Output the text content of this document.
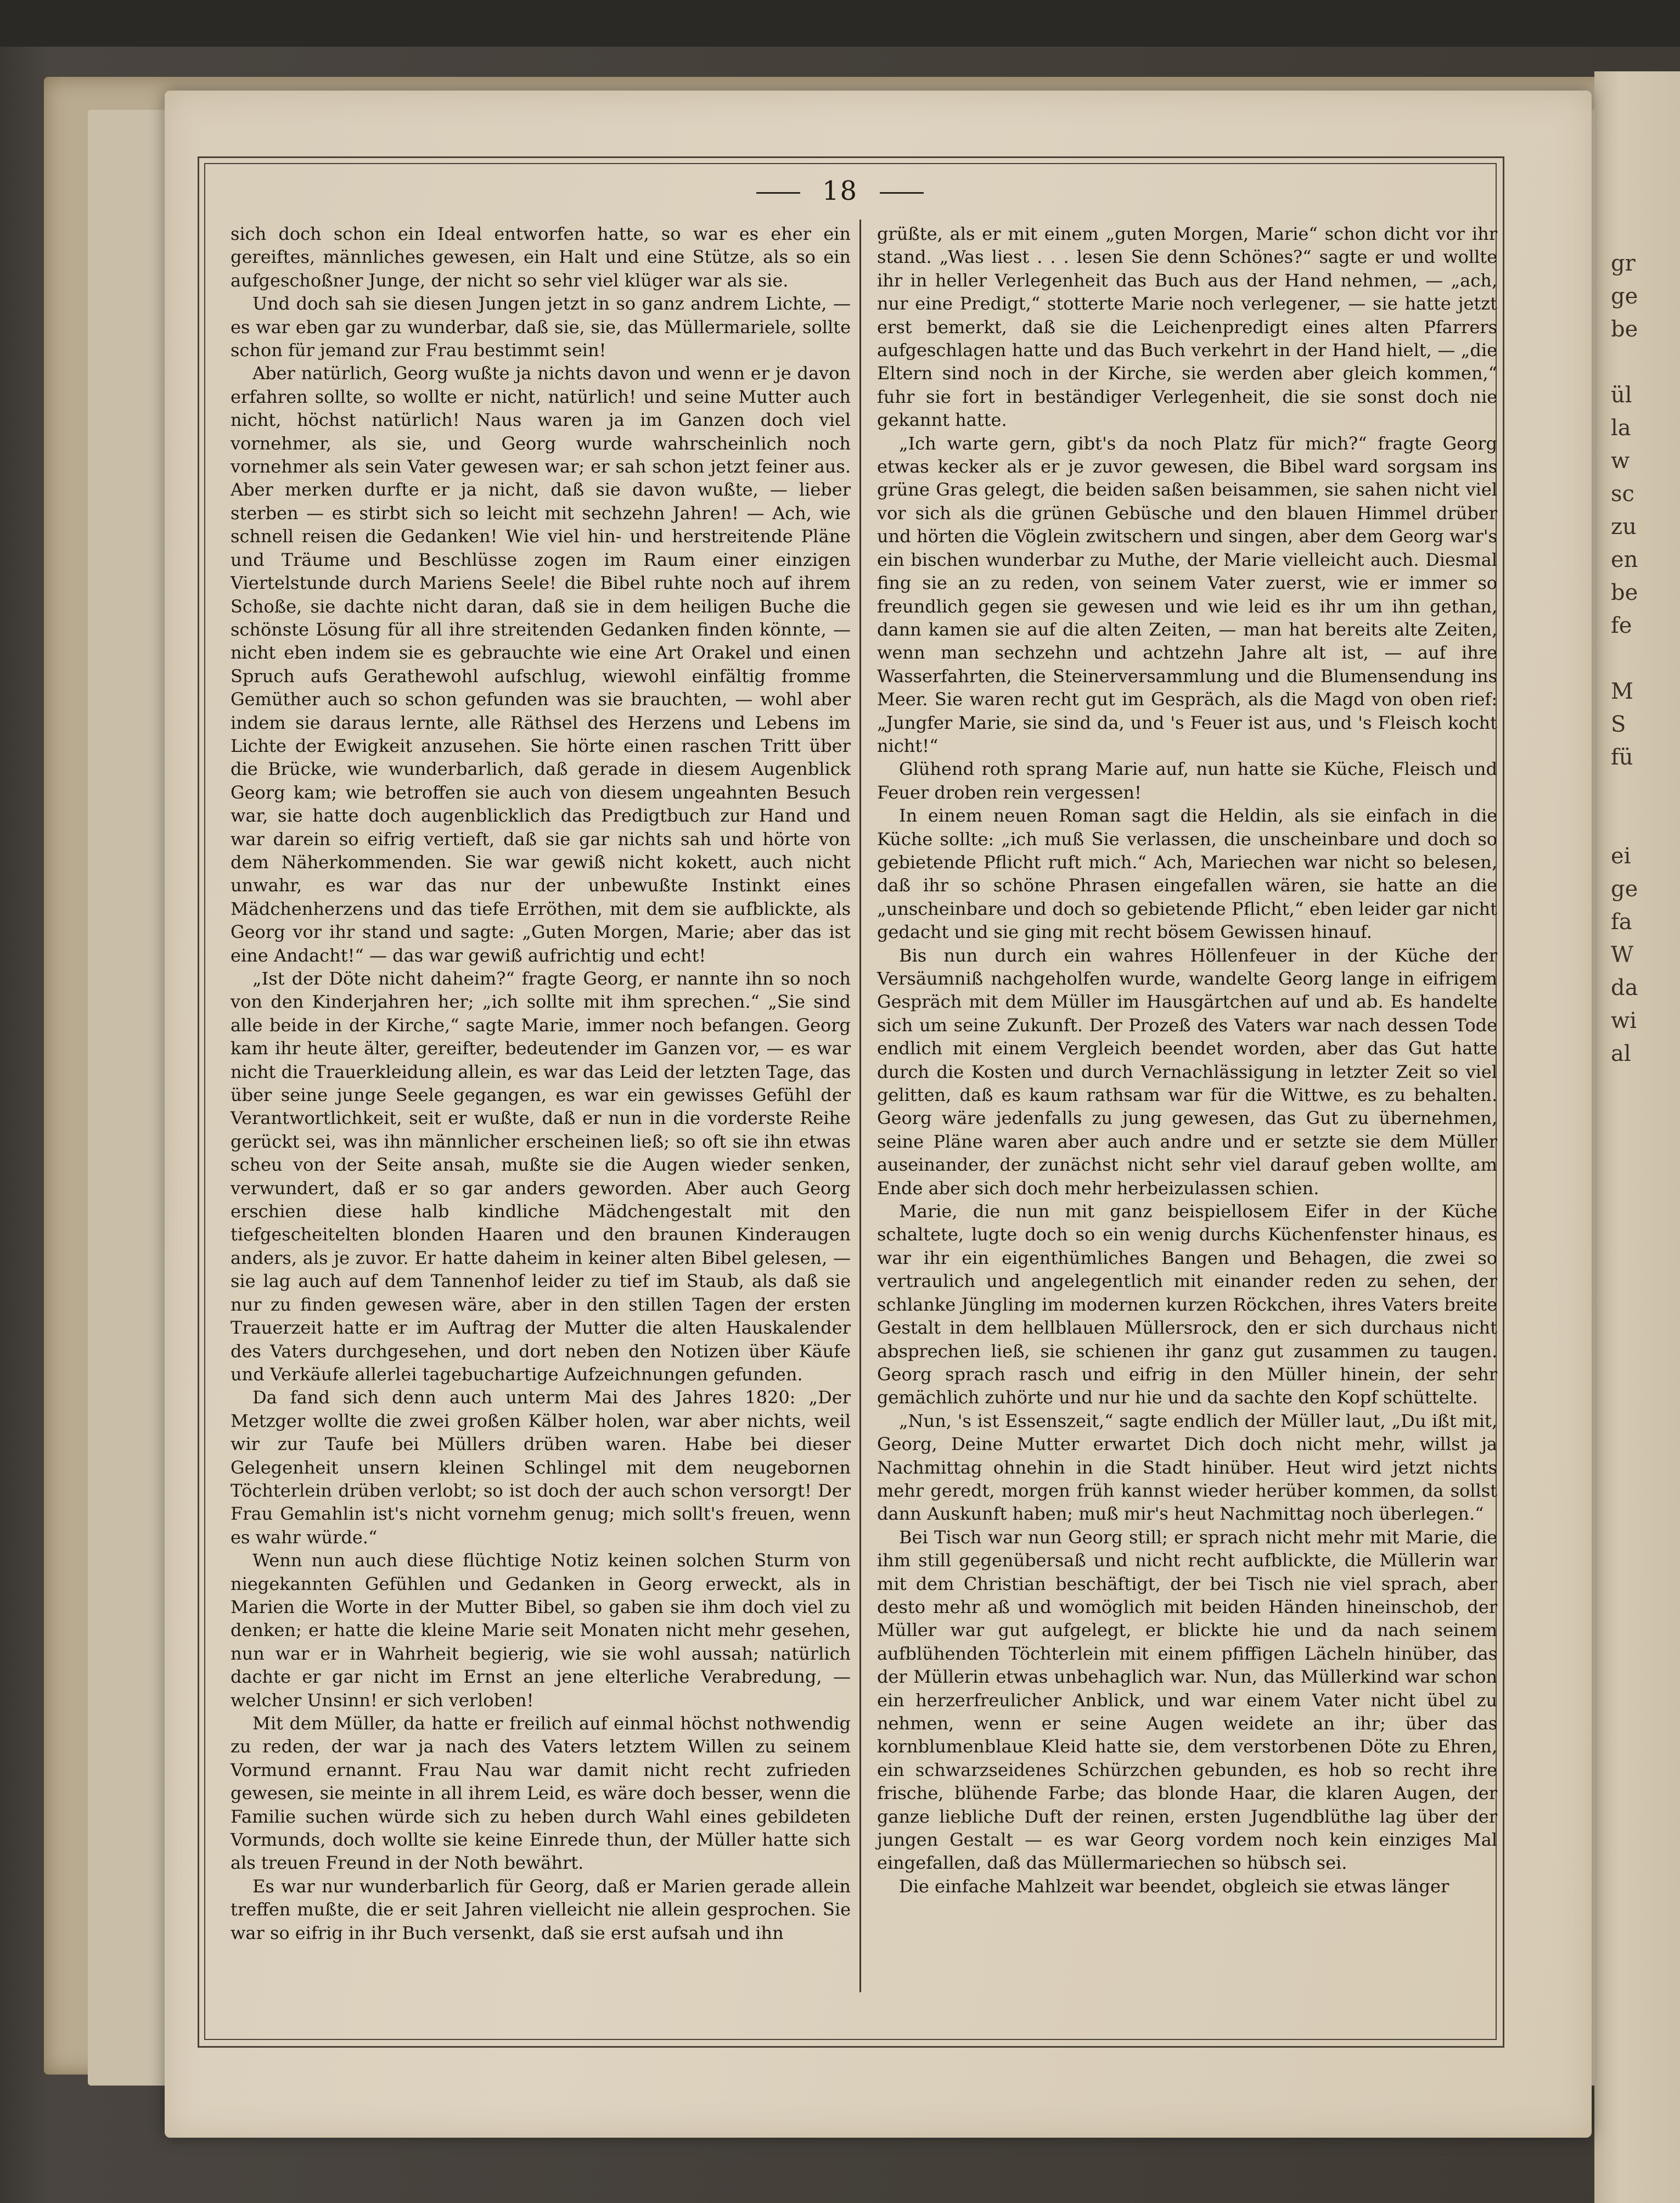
gr
ge
be

ül
la
w
sc
zu
en
be
fe

M
S
fü

ei
ge
fa
W
da
wi
al
18

sich doch schon ein Ideal entworfen hatte, so war es eher ein gereiftes, männliches gewesen, ein Halt und eine Stütze, als so ein aufgeschoßner Junge, der nicht so sehr viel klüger war als sie.

Und doch sah sie diesen Jungen jetzt in so ganz andrem Lichte, — es war eben gar zu wunderbar, daß sie, sie, das Müllermariele, sollte schon für jemand zur Frau bestimmt sein!

Aber natürlich, Georg wußte ja nichts davon und wenn er je davon erfahren sollte, so wollte er nicht, natürlich! und seine Mutter auch nicht, höchst natürlich! Naus waren ja im Ganzen doch viel vornehmer, als sie, und Georg wurde wahrscheinlich noch vornehmer als sein Vater gewesen war; er sah schon jetzt feiner aus. Aber merken durfte er ja nicht, daß sie davon wußte, — lieber sterben — es stirbt sich so leicht mit sechzehn Jahren! — Ach, wie schnell reisen die Gedanken! Wie viel hin- und herstreitende Pläne und Träume und Beschlüsse zogen im Raum einer einzigen Viertelstunde durch Mariens Seele! die Bibel ruhte noch auf ihrem Schoße, sie dachte nicht daran, daß sie in dem heiligen Buche die schönste Lösung für all ihre streitenden Gedanken finden könnte, — nicht eben indem sie es gebrauchte wie eine Art Orakel und einen Spruch aufs Gerathewohl aufschlug, wiewohl einfältig fromme Gemüther auch so schon gefunden was sie brauchten, — wohl aber indem sie daraus lernte, alle Räthsel des Herzens und Lebens im Lichte der Ewigkeit anzusehen. Sie hörte einen raschen Tritt über die Brücke, wie wunderbarlich, daß gerade in diesem Augenblick Georg kam; wie betroffen sie auch von diesem ungeahnten Besuch war, sie hatte doch augenblicklich das Predigtbuch zur Hand und war darein so eifrig vertieft, daß sie gar nichts sah und hörte von dem Näherkommenden. Sie war gewiß nicht kokett, auch nicht unwahr, es war das nur der unbewußte Instinkt eines Mädchenherzens und das tiefe Erröthen, mit dem sie aufblickte, als Georg vor ihr stand und sagte: „Guten Morgen, Marie; aber das ist eine Andacht!“ — das war gewiß aufrichtig und echt!

„Ist der Döte nicht daheim?“ fragte Georg, er nannte ihn so noch von den Kinderjahren her; „ich sollte mit ihm sprechen.“ „Sie sind alle beide in der Kirche,“ sagte Marie, immer noch befangen. Georg kam ihr heute älter, gereifter, bedeutender im Ganzen vor, — es war nicht die Trauerkleidung allein, es war das Leid der letzten Tage, das über seine junge Seele gegangen, es war ein gewisses Gefühl der Verantwortlichkeit, seit er wußte, daß er nun in die vorderste Reihe gerückt sei, was ihn männlicher erscheinen ließ; so oft sie ihn etwas scheu von der Seite ansah, mußte sie die Augen wieder senken, verwundert, daß er so gar anders geworden. Aber auch Georg erschien diese halb kindliche Mädchengestalt mit den tiefgescheitelten blonden Haaren und den braunen Kinderaugen anders, als je zuvor. Er hatte daheim in keiner alten Bibel gelesen, — sie lag auch auf dem Tannenhof leider zu tief im Staub, als daß sie nur zu finden gewesen wäre, aber in den stillen Tagen der ersten Trauerzeit hatte er im Auftrag der Mutter die alten Hauskalender des Vaters durchgesehen, und dort neben den Notizen über Käufe und Verkäufe allerlei tagebuchartige Aufzeichnungen gefunden.

Da fand sich denn auch unterm Mai des Jahres 1820: „Der Metzger wollte die zwei großen Kälber holen, war aber nichts, weil wir zur Taufe bei Müllers drüben waren. Habe bei dieser Gelegenheit unsern kleinen Schlingel mit dem neugebornen Töchterlein drüben verlobt; so ist doch der auch schon versorgt! Der Frau Gemahlin ist's nicht vornehm genug; mich sollt's freuen, wenn es wahr würde.“

Wenn nun auch diese flüchtige Notiz keinen solchen Sturm von niegekannten Gefühlen und Gedanken in Georg erweckt, als in Marien die Worte in der Mutter Bibel, so gaben sie ihm doch viel zu denken; er hatte die kleine Marie seit Monaten nicht mehr gesehen, nun war er in Wahrheit begierig, wie sie wohl aussah; natürlich dachte er gar nicht im Ernst an jene elterliche Verabredung, — welcher Unsinn! er sich verloben!

Mit dem Müller, da hatte er freilich auf einmal höchst nothwendig zu reden, der war ja nach des Vaters letztem Willen zu seinem Vormund ernannt. Frau Nau war damit nicht recht zufrieden gewesen, sie meinte in all ihrem Leid, es wäre doch besser, wenn die Familie suchen würde sich zu heben durch Wahl eines gebildeten Vormunds, doch wollte sie keine Einrede thun, der Müller hatte sich als treuen Freund in der Noth bewährt.

Es war nur wunderbarlich für Georg, daß er Marien gerade allein treffen mußte, die er seit Jahren vielleicht nie allein gesprochen. Sie war so eifrig in ihr Buch versenkt, daß sie erst aufsah und ihn

grüßte, als er mit einem „guten Morgen, Marie“ schon dicht vor ihr stand. „Was liest . . . lesen Sie denn Schönes?“ sagte er und wollte ihr in heller Verlegenheit das Buch aus der Hand nehmen, — „ach, nur eine Predigt,“ stotterte Marie noch verlegener, — sie hatte jetzt erst bemerkt, daß sie die Leichenpredigt eines alten Pfarrers aufgeschlagen hatte und das Buch verkehrt in der Hand hielt, — „die Eltern sind noch in der Kirche, sie werden aber gleich kommen,“ fuhr sie fort in beständiger Verlegenheit, die sie sonst doch nie gekannt hatte.

„Ich warte gern, gibt's da noch Platz für mich?“ fragte Georg etwas kecker als er je zuvor gewesen, die Bibel ward sorgsam ins grüne Gras gelegt, die beiden saßen beisammen, sie sahen nicht viel vor sich als die grünen Gebüsche und den blauen Himmel drüber und hörten die Vöglein zwitschern und singen, aber dem Georg war's ein bischen wunderbar zu Muthe, der Marie vielleicht auch. Diesmal fing sie an zu reden, von seinem Vater zuerst, wie er immer so freundlich gegen sie gewesen und wie leid es ihr um ihn gethan, dann kamen sie auf die alten Zeiten, — man hat bereits alte Zeiten, wenn man sechzehn und achtzehn Jahre alt ist, — auf ihre Wasserfahrten, die Steinerversammlung und die Blumensendung ins Meer. Sie waren recht gut im Gespräch, als die Magd von oben rief: „Jungfer Marie, sie sind da, und 's Feuer ist aus, und 's Fleisch kocht nicht!“

Glühend roth sprang Marie auf, nun hatte sie Küche, Fleisch und Feuer droben rein vergessen!

In einem neuen Roman sagt die Heldin, als sie einfach in die Küche sollte: „ich muß Sie verlassen, die unscheinbare und doch so gebietende Pflicht ruft mich.“ Ach, Mariechen war nicht so belesen, daß ihr so schöne Phrasen eingefallen wären, sie hatte an die „unscheinbare und doch so gebietende Pflicht,“ eben leider gar nicht gedacht und sie ging mit recht bösem Gewissen hinauf.

Bis nun durch ein wahres Höllenfeuer in der Küche der Versäumniß nachgeholfen wurde, wandelte Georg lange in eifrigem Gespräch mit dem Müller im Hausgärtchen auf und ab. Es handelte sich um seine Zukunft. Der Prozeß des Vaters war nach dessen Tode endlich mit einem Vergleich beendet worden, aber das Gut hatte durch die Kosten und durch Vernachlässigung in letzter Zeit so viel gelitten, daß es kaum rathsam war für die Wittwe, es zu behalten. Georg wäre jedenfalls zu jung gewesen, das Gut zu übernehmen, seine Pläne waren aber auch andre und er setzte sie dem Müller auseinander, der zunächst nicht sehr viel darauf geben wollte, am Ende aber sich doch mehr herbeizulassen schien.

Marie, die nun mit ganz beispiellosem Eifer in der Küche schaltete, lugte doch so ein wenig durchs Küchenfenster hinaus, es war ihr ein eigenthümliches Bangen und Behagen, die zwei so vertraulich und angelegentlich mit einander reden zu sehen, der schlanke Jüngling im modernen kurzen Röckchen, ihres Vaters breite Gestalt in dem hellblauen Müllersrock, den er sich durchaus nicht absprechen ließ, sie schienen ihr ganz gut zusammen zu taugen. Georg sprach rasch und eifrig in den Müller hinein, der sehr gemächlich zuhörte und nur hie und da sachte den Kopf schüttelte.

„Nun, 's ist Essenszeit,“ sagte endlich der Müller laut, „Du ißt mit, Georg, Deine Mutter erwartet Dich doch nicht mehr, willst ja Nachmittag ohnehin in die Stadt hinüber. Heut wird jetzt nichts mehr geredt, morgen früh kannst wieder herüber kommen, da sollst dann Auskunft haben; muß mir's heut Nachmittag noch überlegen.“

Bei Tisch war nun Georg still; er sprach nicht mehr mit Marie, die ihm still gegenübersaß und nicht recht aufblickte, die Müllerin war mit dem Christian beschäftigt, der bei Tisch nie viel sprach, aber desto mehr aß und womöglich mit beiden Händen hineinschob, der Müller war gut aufgelegt, er blickte hie und da nach seinem aufblühenden Töchterlein mit einem pfiffigen Lächeln hinüber, das der Müllerin etwas unbehaglich war. Nun, das Müllerkind war schon ein herzerfreulicher Anblick, und war einem Vater nicht übel zu nehmen, wenn er seine Augen weidete an ihr; über das kornblumenblaue Kleid hatte sie, dem verstorbenen Döte zu Ehren, ein schwarzseidenes Schürzchen gebunden, es hob so recht ihre frische, blühende Farbe; das blonde Haar, die klaren Augen, der ganze liebliche Duft der reinen, ersten Jugendblüthe lag über der jungen Gestalt — es war Georg vordem noch kein einziges Mal eingefallen, daß das Müllermariechen so hübsch sei.

Die einfache Mahlzeit war beendet, obgleich sie etwas länger
